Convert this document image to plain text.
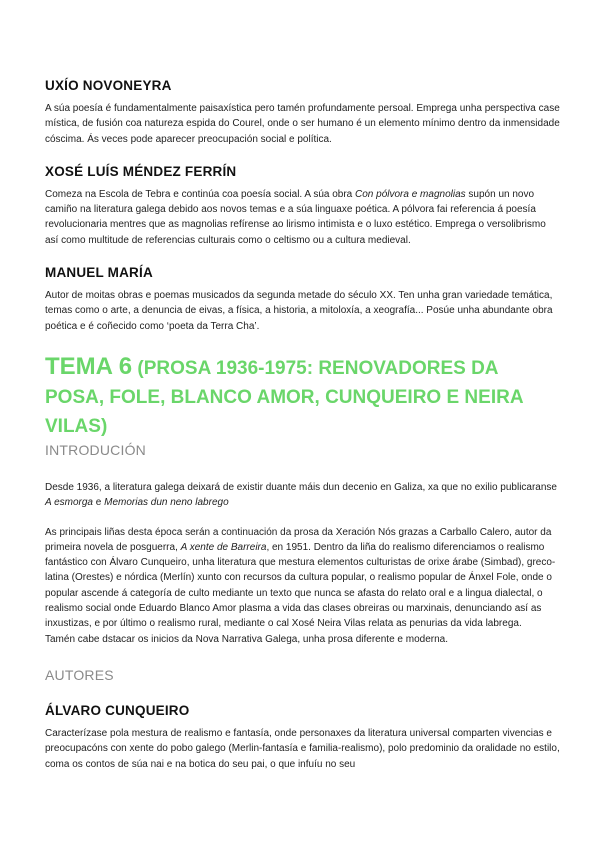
UXÍO NOVONEYRA

A súa poesía é fundamentalmente paisaxística pero tamén profundamente persoal. Emprega unha perspectiva case mística, de fusión coa natureza espida do Courel, onde o ser humano é un elemento mínimo dentro da inmensidade cóscima. Ás veces pode aparecer preocupación social e política.

XOSÉ LUÍS MÉNDEZ FERRÍN

Comeza na Escola de Tebra e continúa coa poesía social. A súa obra Con pólvora e magnolias supón un novo camiño na literatura galega debido aos novos temas e a súa linguaxe poética. A pólvora fai referencia á poesía revolucionaria mentres que as magnolias refírense ao lirismo intimista e o luxo estético. Emprega o versolibrismo así como multitude de referencias culturais como o celtismo ou a cultura medieval.

MANUEL MARÍA

Autor de moitas obras e poemas musicados da segunda metade do século XX. Ten unha gran variedade temática, temas como o arte, a denuncia de eivas, a física, a historia, a mitoloxía, a xeografía... Posúe unha abundante obra poética e é coñecido como ‘poeta da Terra Cha’.

TEMA 6 (PROSA 1936-1975: RENOVADORES DA POSA, FOLE, BLANCO AMOR, CUNQUEIRO E NEIRA VILAS)
INTRODUCIÓN

Desde 1936, a literatura galega deixará de existir duante máis dun decenio en Galiza, xa que no exilio publicaranse A esmorga e Memorias dun neno labrego

As principais liñas desta época serán a continuación da prosa da Xeración Nós grazas a Carballo Calero, autor da primeira novela de posguerra, A xente de Barreira, en 1951. Dentro da liña do realismo diferenciamos o realismo fantástico con Álvaro Cunqueiro, unha literatura que mestura elementos culturistas de orixe árabe (Simbad), greco-latina (Orestes) e nórdica (Merlín) xunto con recursos da cultura popular, o realismo popular de Ánxel Fole, onde o popular ascende á categoría de culto mediante un texto que nunca se afasta do relato oral e a lingua dialectal, o realismo social onde Eduardo Blanco Amor plasma a vida das clases obreiras ou marxinais, denunciando así as inxustizas, e por último o realismo rural, mediante o cal Xosé Neira Vilas relata as penurias da vida labrega.

Tamén cabe dstacar os inicios da Nova Narrativa Galega, unha prosa diferente e moderna.

AUTORES
ÁLVARO CUNQUEIRO

Caracterízase pola mestura de realismo e fantasía, onde personaxes da literatura universal comparten vivencias e preocupacóns con xente do pobo galego (Merlin-fantasía e familia-realismo), polo predominio da oralidade no estilo, coma os contos de súa nai e na botica do seu pai, o que infuíu no seu
